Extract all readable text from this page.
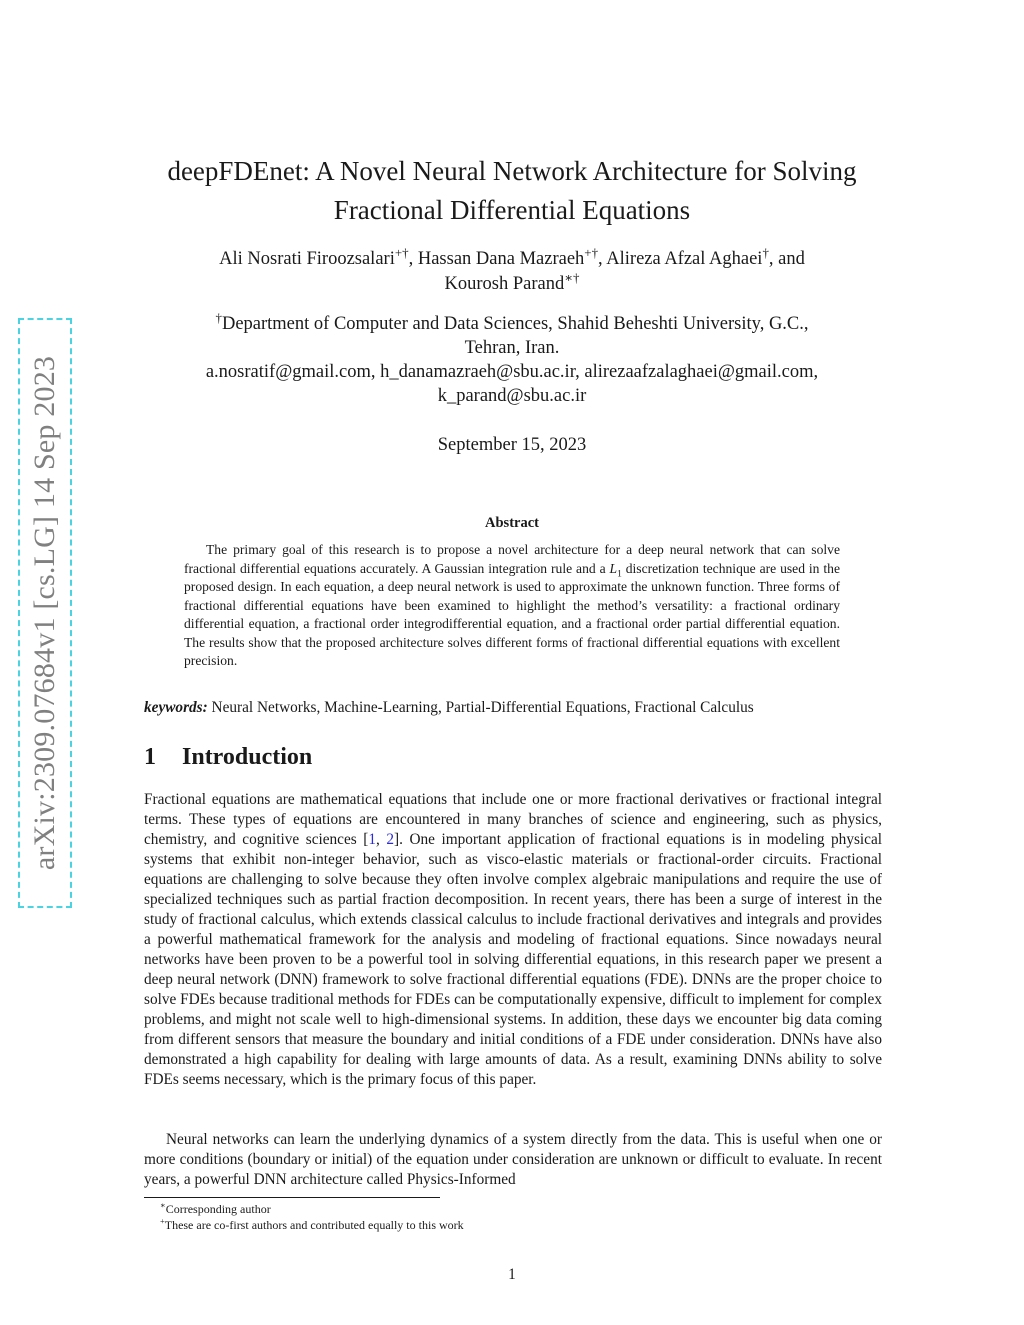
arXiv:2309.07684v1 [cs.LG] 14 Sep 2023
deepFDEnet: A Novel Neural Network Architecture for Solving
Fractional Differential Equations
Ali Nosrati Firoozsalari+†, Hassan Dana Mazraeh+†, Alireza Afzal Aghaei†, and
Kourosh Parand∗†
†Department of Computer and Data Sciences, Shahid Beheshti University, G.C.,
Tehran, Iran.
a.nosratif@gmail.com, h_danamazraeh@sbu.ac.ir, alirezaafzalaghaei@gmail.com,
k_parand@sbu.ac.ir
September 15, 2023
Abstract
The primary goal of this research is to propose a novel architecture for a deep neural network that can solve fractional differential equations accurately. A Gaussian integration rule and a $L_1$ discretization technique are used in the proposed design. In each equation, a deep neural network is used to approximate the unknown function. Three forms of fractional differential equations have been examined to highlight the method’s versatility: a fractional ordinary differential equation, a fractional order integrodifferential equation, and a fractional order partial differential equation. The results show that the proposed architecture solves different forms of fractional differential equations with excellent precision.
keywords: Neural Networks, Machine-Learning, Partial-Differential Equations, Fractional Calculus
1 Introduction

Fractional equations are mathematical equations that include one or more fractional derivatives or fractional integral terms. These types of equations are encountered in many branches of science and engineering, such as physics, chemistry, and cognitive sciences [1, 2]. One important application of fractional equations is in modeling physical systems that exhibit non-integer behavior, such as visco-elastic materials or fractional-order circuits. Fractional equations are challenging to solve because they often involve complex algebraic manipulations and require the use of specialized techniques such as partial fraction decomposition. In recent years, there has been a surge of interest in the study of fractional calculus, which extends classical calculus to include fractional derivatives and integrals and provides a powerful mathematical framework for the analysis and modeling of fractional equations. Since nowadays neural networks have been proven to be a powerful tool in solving differential equations, in this research paper we present a deep neural network (DNN) framework to solve fractional differential equations (FDE). DNNs are the proper choice to solve FDEs because traditional methods for FDEs can be computationally expensive, difficult to implement for complex problems, and might not scale well to high-dimensional systems. In addition, these days we encounter big data coming from different sensors that measure the boundary and initial conditions of a FDE under consideration. DNNs have also demonstrated a high capability for dealing with large amounts of data. As a result, examining DNNs ability to solve FDEs seems necessary, which is the primary focus of this paper.

Neural networks can learn the underlying dynamics of a system directly from the data. This is useful when one or more conditions (boundary or initial) of the equation under consideration are unknown or difficult to evaluate. In recent years, a powerful DNN architecture called Physics-Informed

∗Corresponding author
+These are co-first authors and contributed equally to this work
1
